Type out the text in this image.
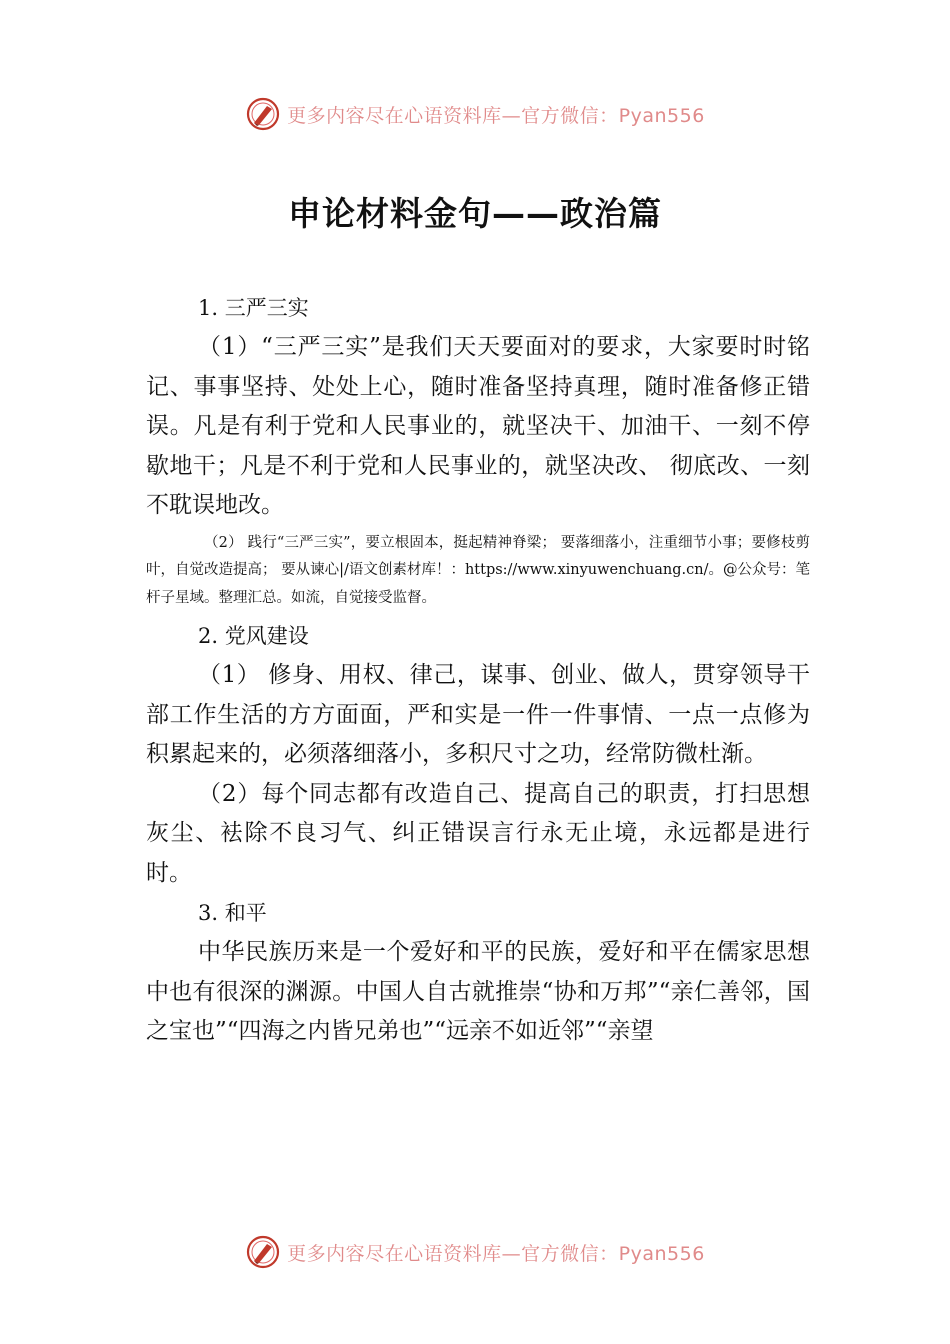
更多内容尽在心语资料库—官方微信：Pyan556
申论材料金句——政治篇
1. 三严三实

（1）“三严三实”是我们天天要面对的要求，大家要时时铭记、事事坚持、处处上心，随时准备坚持真理，随时准备修正错误。凡是有利于党和人民事业的，就坚决干、加油干、一刻不停歇地干；凡是不利于党和人民事业的，就坚决改、 彻底改、一刻不耽误地改。

（2） 践行“三严三实”，要立根固本，挺起精神脊梁； 要落细落小，注重细节小事；要修枝剪叶，自觉改造提高； 要从谏心|/语文创素材库！：https://www.xinyuwenchuang.cn/。@公众号：笔杆子星域。整理汇总。如流，自觉接受监督。

2. 党风建设

（1） 修身、用权、律己，谋事、创业、做人，贯穿领导干部工作生活的方方面面，严和实是一件一件事情、一点一点修为积累起来的，必须落细落小，多积尺寸之功，经常防微杜渐。

（2）每个同志都有改造自己、提高自己的职责，打扫思想灰尘、袪除不良习气、纠正错误言行永无止境，永远都是进行时。

3. 和平

中华民族历来是一个爱好和平的民族，爱好和平在儒家思想中也有很深的渊源。中国人自古就推崇“协和万邦”“亲仁善邻，国之宝也”“四海之内皆兄弟也”“远亲不如近邻”“亲望

更多内容尽在心语资料库—官方微信：Pyan556
